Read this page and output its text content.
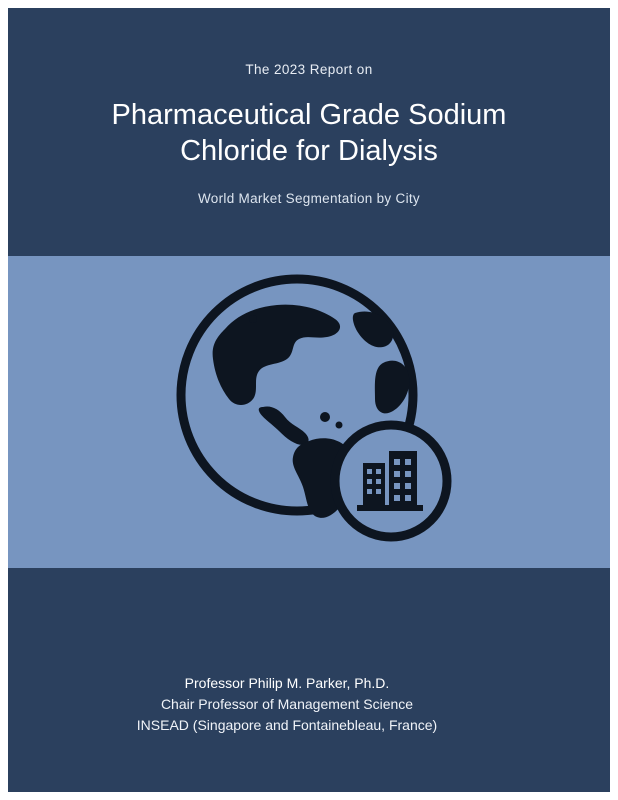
The 2023 Report on
Pharmaceutical Grade Sodium
Chloride for Dialysis
World Market Segmentation by City
Professor Philip M. Parker, Ph.D.
Chair Professor of Management Science
INSEAD (Singapore and Fontainebleau, France)
